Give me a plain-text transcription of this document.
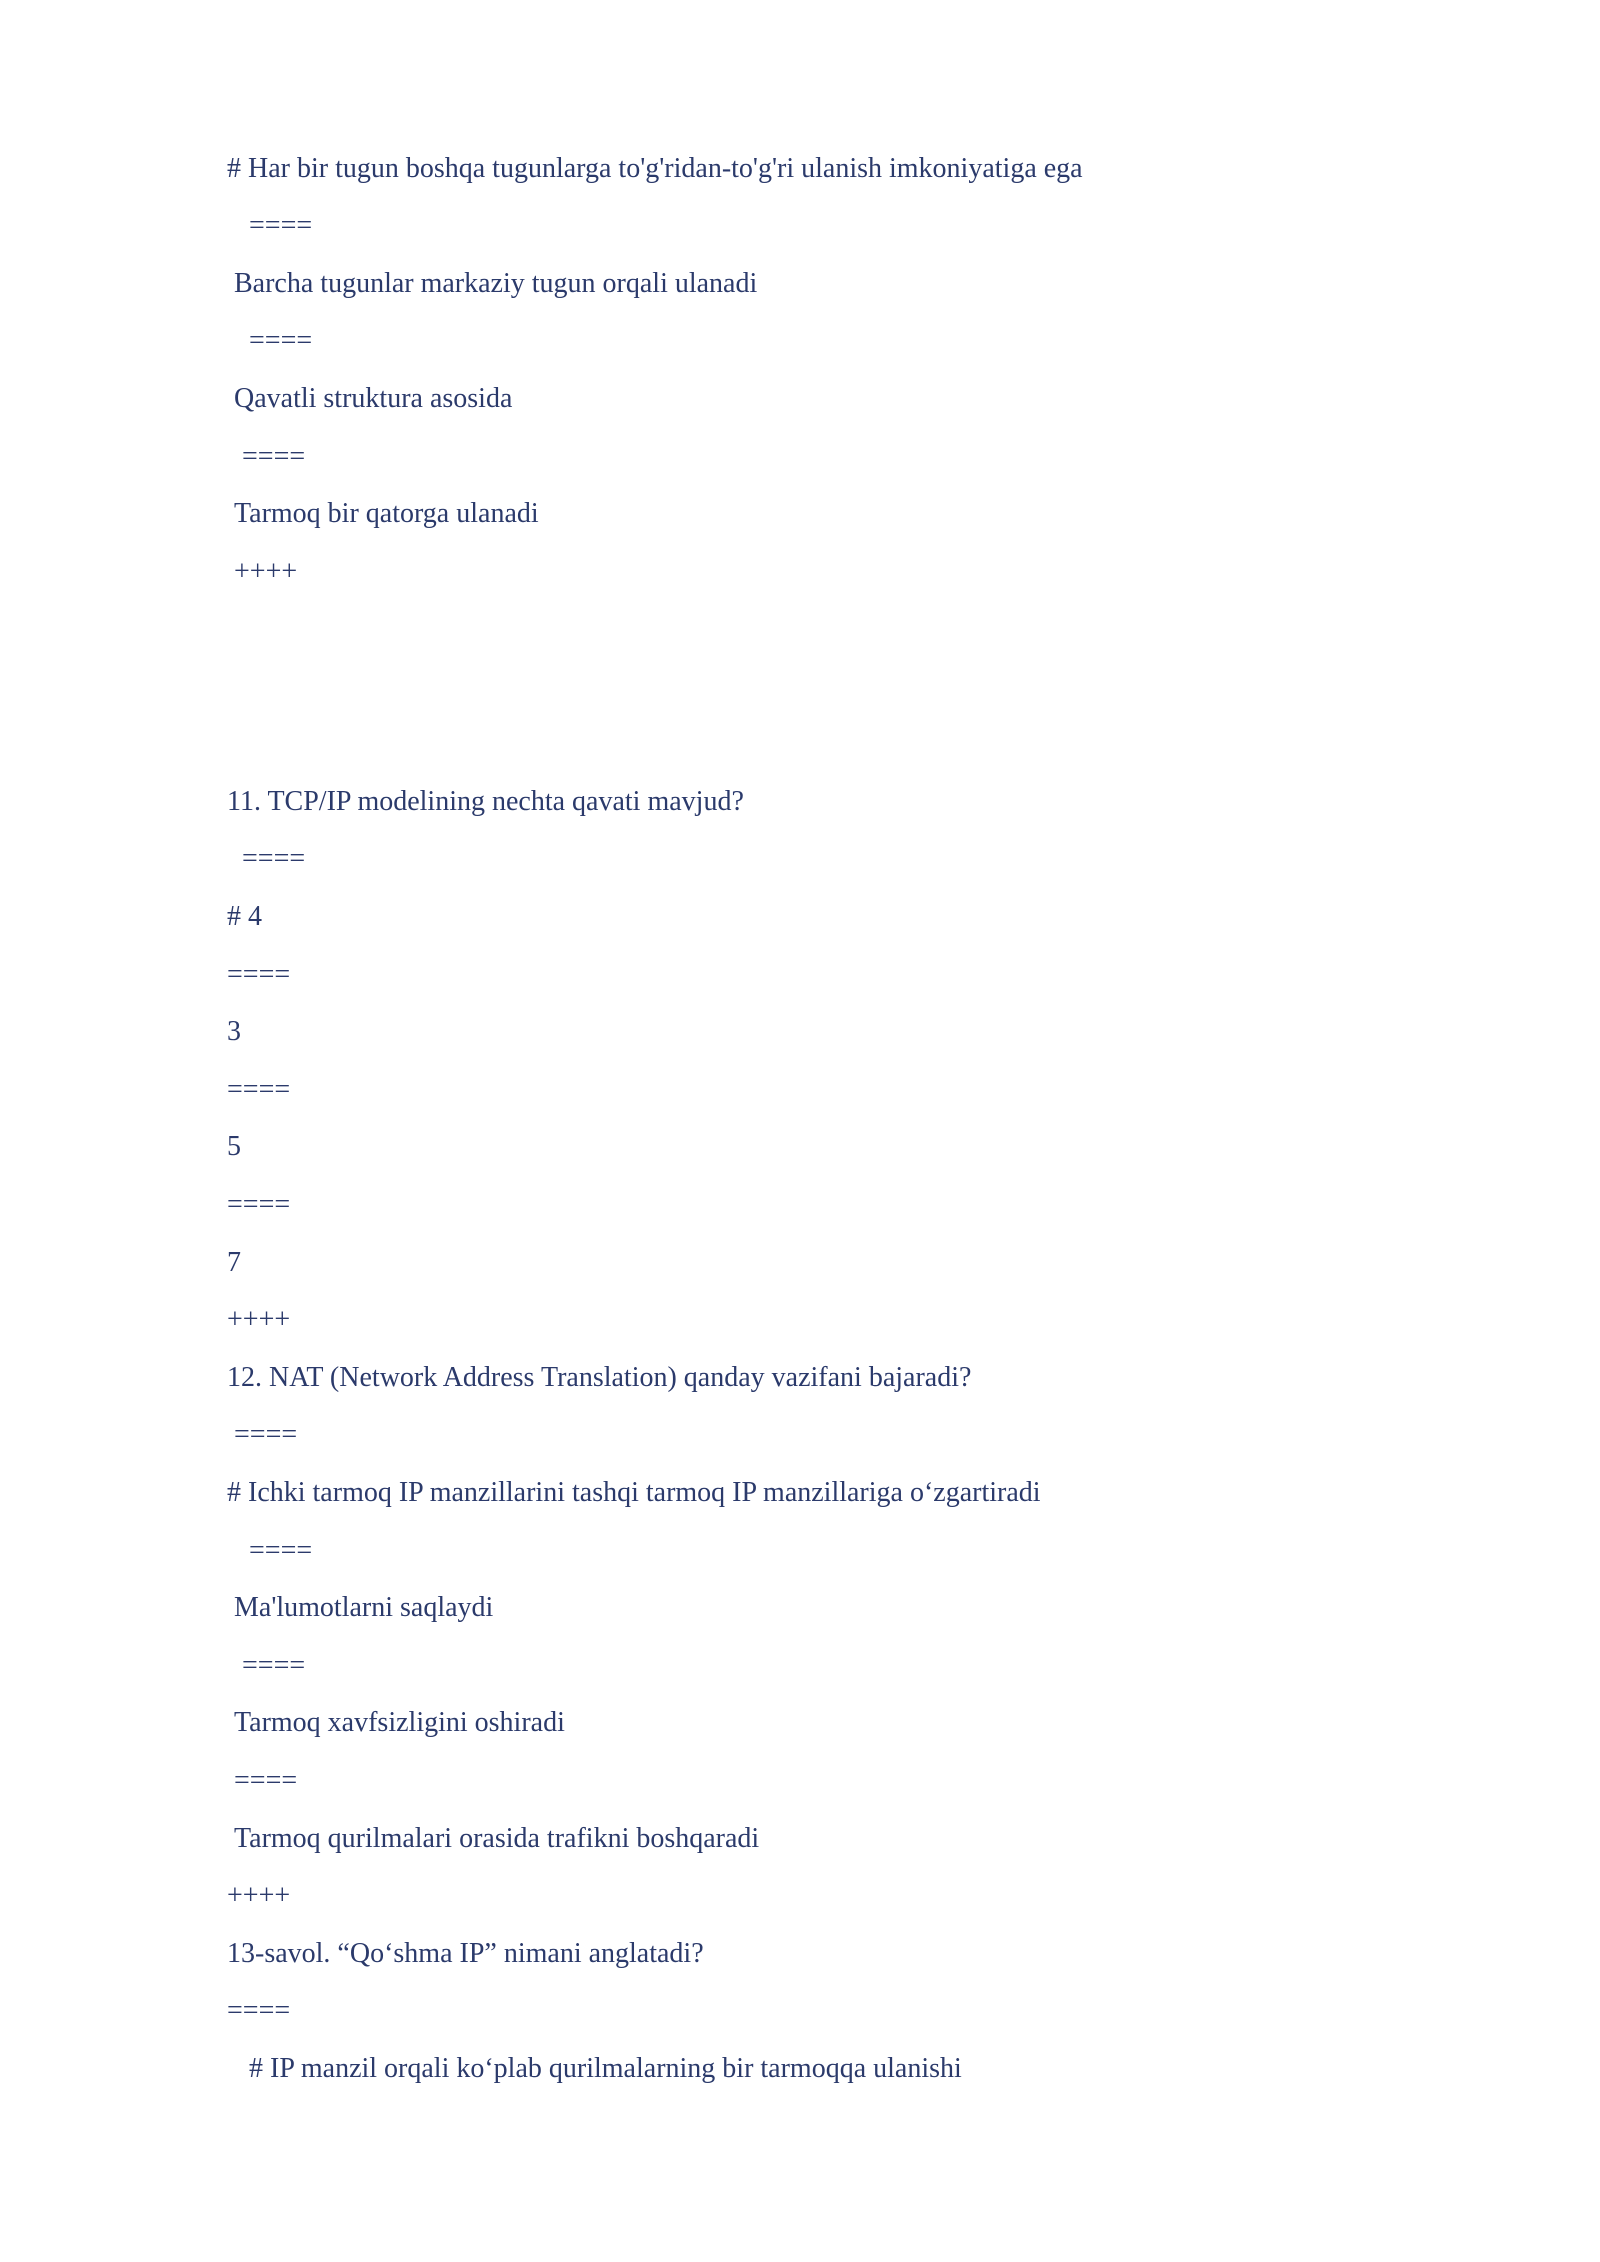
# Har bir tugun boshqa tugunlarga to'g'ridan-to'g'ri ulanish imkoniyatiga ega

====

Barcha tugunlar markaziy tugun orqali ulanadi

====

Qavatli struktura asosida

====

Tarmoq bir qatorga ulanadi

++++

11. TCP/IP modelining nechta qavati mavjud?

====

# 4

====

3

====

5

====

7

++++

12. NAT (Network Address Translation) qanday vazifani bajaradi?

====

# Ichki tarmoq IP manzillarini tashqi tarmoq IP manzillariga o‘zgartiradi

====

Ma'lumotlarni saqlaydi

====

Tarmoq xavfsizligini oshiradi

====

Tarmoq qurilmalari orasida trafikni boshqaradi

++++

13-savol. “Qo‘shma IP” nimani anglatadi?

====

# IP manzil orqali ko‘plab qurilmalarning bir tarmoqqa ulanishi
